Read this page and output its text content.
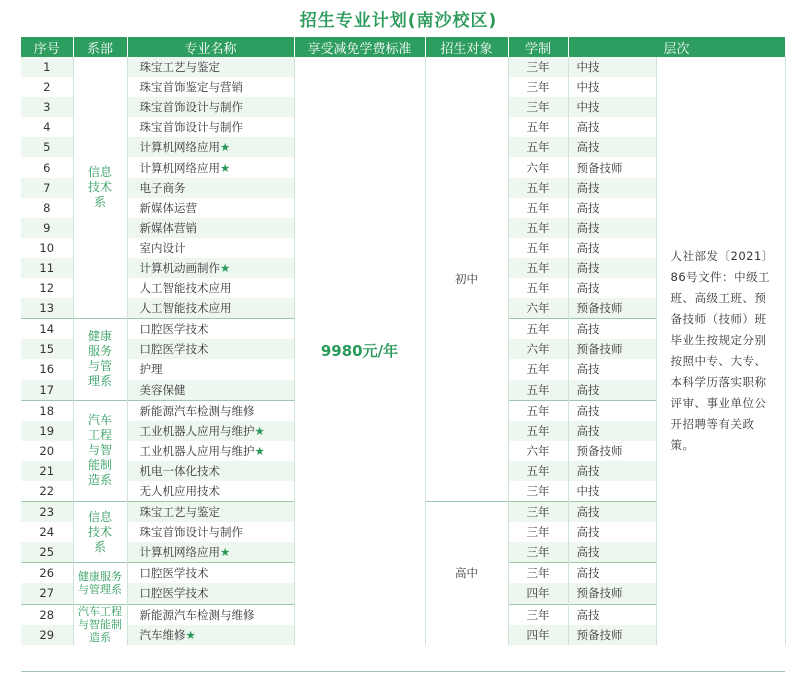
招生专业计划(南沙校区)
序号	系部	专业名称	享受减免学费标准	招生对象	学制	层次	
1	信息技术系	珠宝工艺与鉴定	9980元/年	初中	三年	中技	人社部发〔2021〕86号文件：中级工班、高级工班、预备技师（技师）班毕业生按规定分别按照中专、大专、本科学历落实职称评审、事业单位公开招聘等有关政策。
2		珠宝首饰鉴定与营销			三年	中技	
3		珠宝首饰设计与制作			三年	中技	
4		珠宝首饰设计与制作			五年	高技	
5		计算机网络应用★			五年	高技	
6		计算机网络应用★			六年	预备技师	
7		电子商务			五年	高技	
8		新媒体运营			五年	高技	
9		新媒体营销			五年	高技	
10		室内设计			五年	高技	
11		计算机动画制作★			五年	高技	
12		人工智能技术应用			五年	高技	
13		人工智能技术应用			六年	预备技师	
14	健康服务与管理系	口腔医学技术			五年	高技	
15		口腔医学技术			六年	预备技师	
16		护理			五年	高技	
17		美容保健			五年	高技	
18	汽车工程与智能制造系	新能源汽车检测与维修			五年	高技	
19		工业机器人应用与维护★			五年	高技	
20		工业机器人应用与维护★			六年	预备技师	
21		机电一体化技术			五年	高技	
22		无人机应用技术			三年	中技	
23	信息技术系	珠宝工艺与鉴定		高中	三年	高技	
24		珠宝首饰设计与制作			三年	高技	
25		计算机网络应用★			三年	高技	
26	健康服务与管理系	口腔医学技术			三年	高技	
27		口腔医学技术			四年	预备技师	
28	汽车工程与智能制造系	新能源汽车检测与维修			三年	高技	
29		汽车维修★			四年	预备技师	
